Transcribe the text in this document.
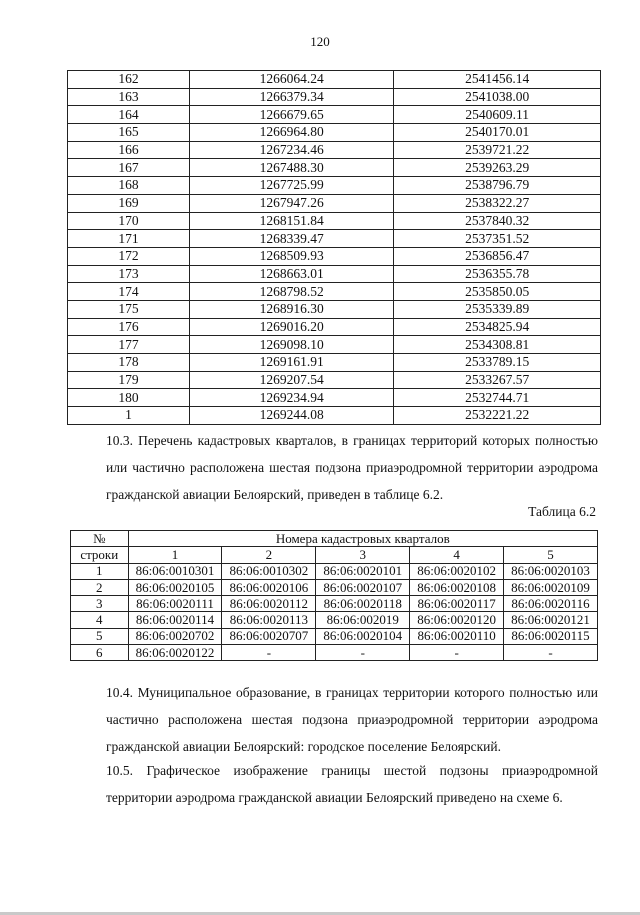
120
162	1266064.24	2541456.14
163	1266379.34	2541038.00
164	1266679.65	2540609.11
165	1266964.80	2540170.01
166	1267234.46	2539721.22
167	1267488.30	2539263.29
168	1267725.99	2538796.79
169	1267947.26	2538322.27
170	1268151.84	2537840.32
171	1268339.47	2537351.52
172	1268509.93	2536856.47
173	1268663.01	2536355.78
174	1268798.52	2535850.05
175	1268916.30	2535339.89
176	1269016.20	2534825.94
177	1269098.10	2534308.81
178	1269161.91	2533789.15
179	1269207.54	2533267.57
180	1269234.94	2532744.71
1	1269244.08	2532221.22
10.3. Перечень кадастровых кварталов, в границах территорий которых полностью или частично расположена шестая подзона приаэродромной территории аэродрома гражданской авиации Белоярский, приведен в таблице 6.2.
Таблица 6.2
№	Номера кадастровых кварталов				
строки	1	2	3	4	5
1	86:06:0010301	86:06:0010302	86:06:0020101	86:06:0020102	86:06:0020103
2	86:06:0020105	86:06:0020106	86:06:0020107	86:06:0020108	86:06:0020109
3	86:06:0020111	86:06:0020112	86:06:0020118	86:06:0020117	86:06:0020116
4	86:06:0020114	86:06:0020113	86:06:002019	86:06:0020120	86:06:0020121
5	86:06:0020702	86:06:0020707	86:06:0020104	86:06:0020110	86:06:0020115
6	86:06:0020122	-	-	-	-
10.4. Муниципальное образование, в границах территории которого полностью или частично расположена шестая подзона приаэродромной территории аэродрома гражданской авиации Белоярский: городское поселение Белоярский.
10.5. Графическое изображение границы шестой подзоны приаэродромной территории аэродрома гражданской авиации Белоярский приведено на схеме 6.
